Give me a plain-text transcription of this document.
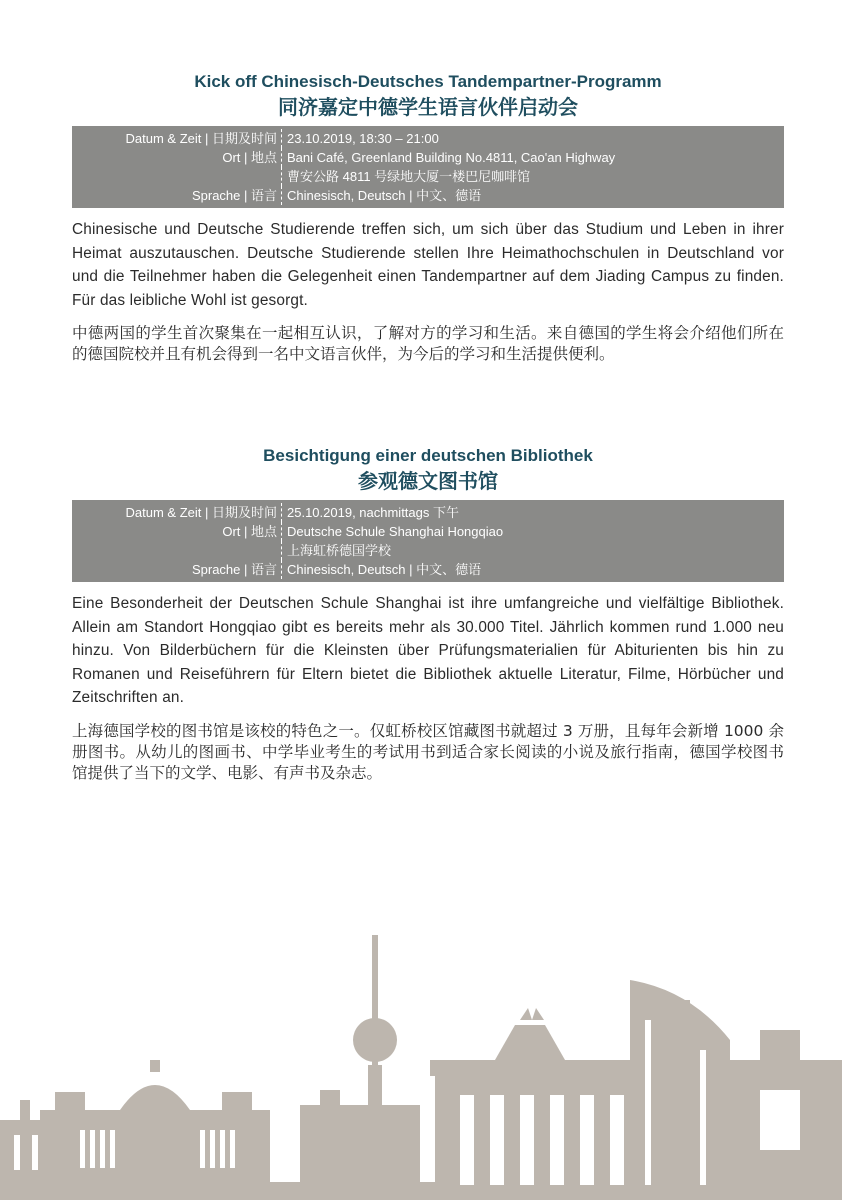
Kick off Chinesisch-Deutsches Tandempartner-Programm
同济嘉定中德学生语言伙伴启动会
Datum & Zeit | 日期及时间 23.10.2019, 18:30 – 21:00
Ort | 地点 Bani Café, Greenland Building No.4811, Cao'an Highway
曹安公路 4811 号绿地大厦一楼巴尼咖啡馆
Sprache | 语言 Chinesisch, Deutsch | 中文、德语

Chinesische und Deutsche Studierende treffen sich, um sich über das Studium und Leben in ihrer Heimat auszutauschen. Deutsche Studierende stellen Ihre Heimathochschulen in Deutschland vor und die Teilnehmer haben die Gelegenheit einen Tandempartner auf dem Jiading Campus zu finden. Für das leibliche Wohl ist gesorgt.

中德两国的学生首次聚集在一起相互认识，了解对方的学习和生活。来自德国的学生将会介绍他们所在的德国院校并且有机会得到一名中文语言伙伴，为今后的学习和生活提供便利。

Besichtigung einer deutschen Bibliothek
参观德文图书馆
Datum & Zeit | 日期及时间 25.10.2019, nachmittags 下午
Ort | 地点 Deutsche Schule Shanghai Hongqiao
上海虹桥德国学校
Sprache | 语言 Chinesisch, Deutsch | 中文、德语

Eine Besonderheit der Deutschen Schule Shanghai ist ihre umfangreiche und vielfältige Bibliothek. Allein am Standort Hongqiao gibt es bereits mehr als 30.000 Titel. Jährlich kommen rund 1.000 neu hinzu. Von Bilderbüchern für die Kleinsten über Prüfungsmaterialien für Abiturienten bis hin zu Romanen und Reiseführern für Eltern bietet die Bibliothek aktuelle Literatur, Filme, Hörbücher und Zeitschriften an.

上海德国学校的图书馆是该校的特色之一。仅虹桥校区馆藏图书就超过 3 万册，且每年会新增 1000 余册图书。从幼儿的图画书、中学毕业考生的考试用书到适合家长阅读的小说及旅行指南，德国学校图书馆提供了当下的文学、电影、有声书及杂志。
